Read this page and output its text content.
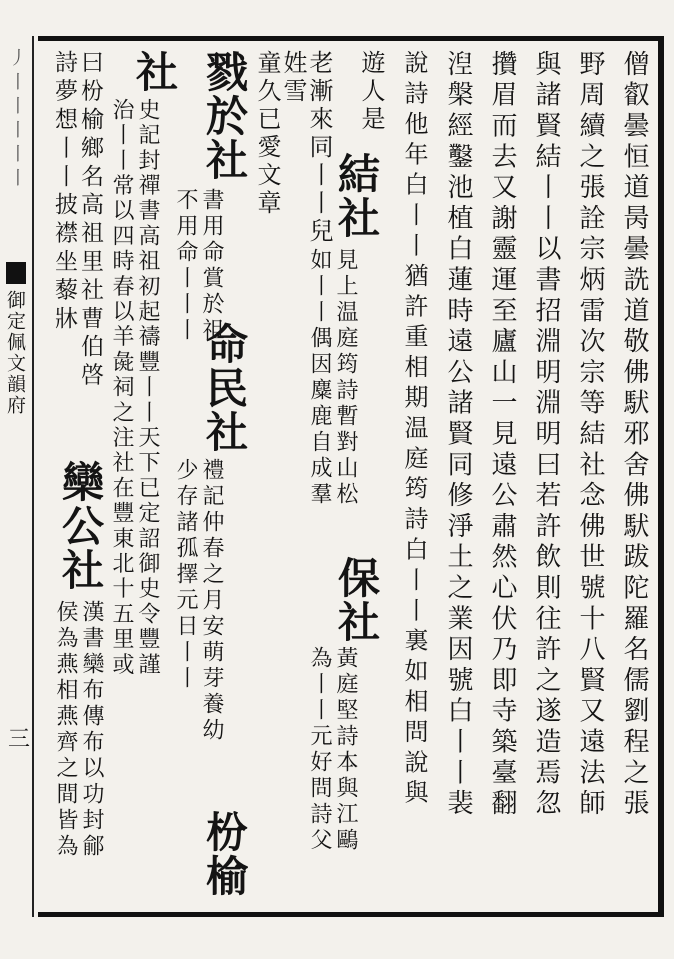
⼃⼁⼁⼁⼁⼁
御定佩文韻府
三	僧叡曇恒道昺曇詵道敬佛䭾邪舍佛䭾跋陀羅名儒劉程之張
野周續之張詮宗炳雷次宗等結社念佛世號十八賢又遠法師
與諸賢結丨丨以書招淵明淵明曰若許飲則往許之遂造焉忽
攢眉而去又謝靈運至廬山一見遠公肅然心伏乃即寺築臺翻
湼槃經鑿池植白蓮時遠公諸賢同修淨土之業因號白丨丨裴
說詩他年白丨丨猶許重相期温庭筠詩白丨丨裏如相問說與
遊人是
老漸來同丨丨兒
姓雪
結社
見上温庭筠詩暫對山松
如丨丨偶因麋鹿自成羣
保社
黃庭堅詩本與江鷗
為丨丨元好問詩父
童久已愛文章
戮於社
書用命賞於祖
不用命丨丨丨
命民社
禮記仲春之月安萌芽養幼
少存諸孤擇元日丨丨
枌榆
社
史記封禪書高祖初起禱豐丨丨天下已定詔御史令豐謹
治丨丨常以四時春以羊彘祠之注社在豐東北十五里或
曰枌榆鄉名高祖里社曹伯啓
詩夢想丨丨披襟坐藜牀
欒公社
漢書欒布傳布以功封鄃
侯為燕相燕齊之間皆為
